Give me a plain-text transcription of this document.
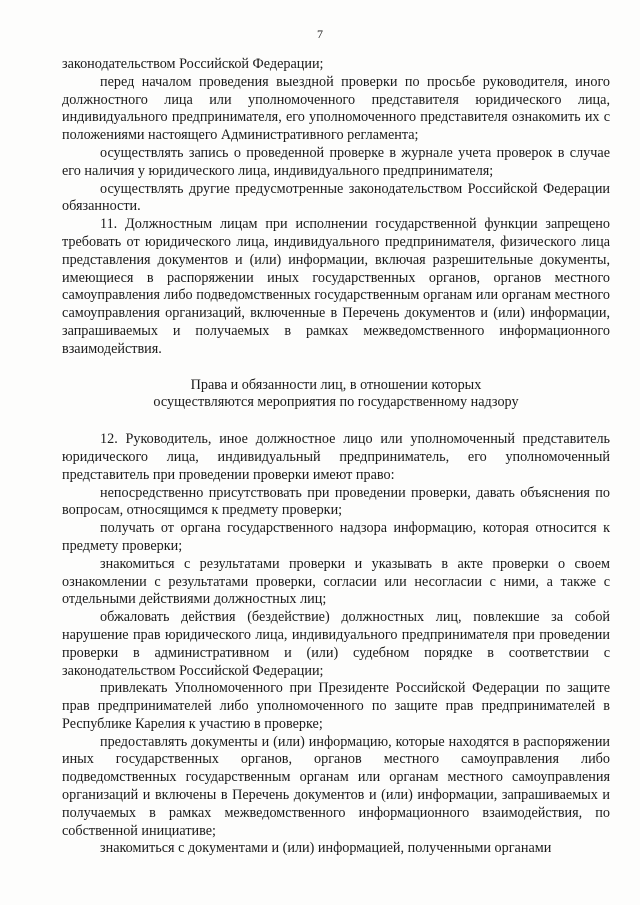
7

законодательством Российской Федерации;

перед началом проведения выездной проверки по просьбе руководителя, иного должностного лица или уполномоченного представителя юридического лица, индивидуального предпринимателя, его уполномоченного представителя ознакомить их с положениями настоящего Административного регламента;

осуществлять запись о проведенной проверке в журнале учета проверок в случае его наличия у юридического лица, индивидуального предпринимателя;

осуществлять другие предусмотренные законодательством Российской Федерации обязанности.

11. Должностным лицам при исполнении государственной функции запрещено требовать от юридического лица, индивидуального предпринимателя, физического лица представления документов и (или) информации, включая разрешительные документы, имеющиеся в распоряжении иных государственных органов, органов местного самоуправления либо подведомственных государственным органам или органам местного самоуправления организаций, включенные в Перечень документов и (или) информации, запрашиваемых и получаемых в рамках межведомственного информационного взаимодействия.

Права и обязанности лиц, в отношении которых
осуществляются мероприятия по государственному надзору

12. Руководитель, иное должностное лицо или уполномоченный представитель юридического лица, индивидуальный предприниматель, его уполномоченный представитель при проведении проверки имеют право:

непосредственно присутствовать при проведении проверки, давать объяснения по вопросам, относящимся к предмету проверки;

получать от органа государственного надзора информацию, которая относится к предмету проверки;

знакомиться с результатами проверки и указывать в акте проверки о своем ознакомлении с результатами проверки, согласии или несогласии с ними, а также с отдельными действиями должностных лиц;

обжаловать действия (бездействие) должностных лиц, повлекшие за собой нарушение прав юридического лица, индивидуального предпринимателя при проведении проверки в административном и (или) судебном порядке в соответствии с законодательством Российской Федерации;

привлекать Уполномоченного при Президенте Российской Федерации по защите прав предпринимателей либо уполномоченного по защите прав предпринимателей в Республике Карелия к участию в проверке;

предоставлять документы и (или) информацию, которые находятся в распоряжении иных государственных органов, органов местного самоуправления либо подведомственных государственным органам или органам местного самоуправления организаций и включены в Перечень документов и (или) информации, запрашиваемых и получаемых в рамках межведомственного информационного взаимодействия, по собственной инициативе;

знакомиться с документами и (или) информацией, полученными органами
